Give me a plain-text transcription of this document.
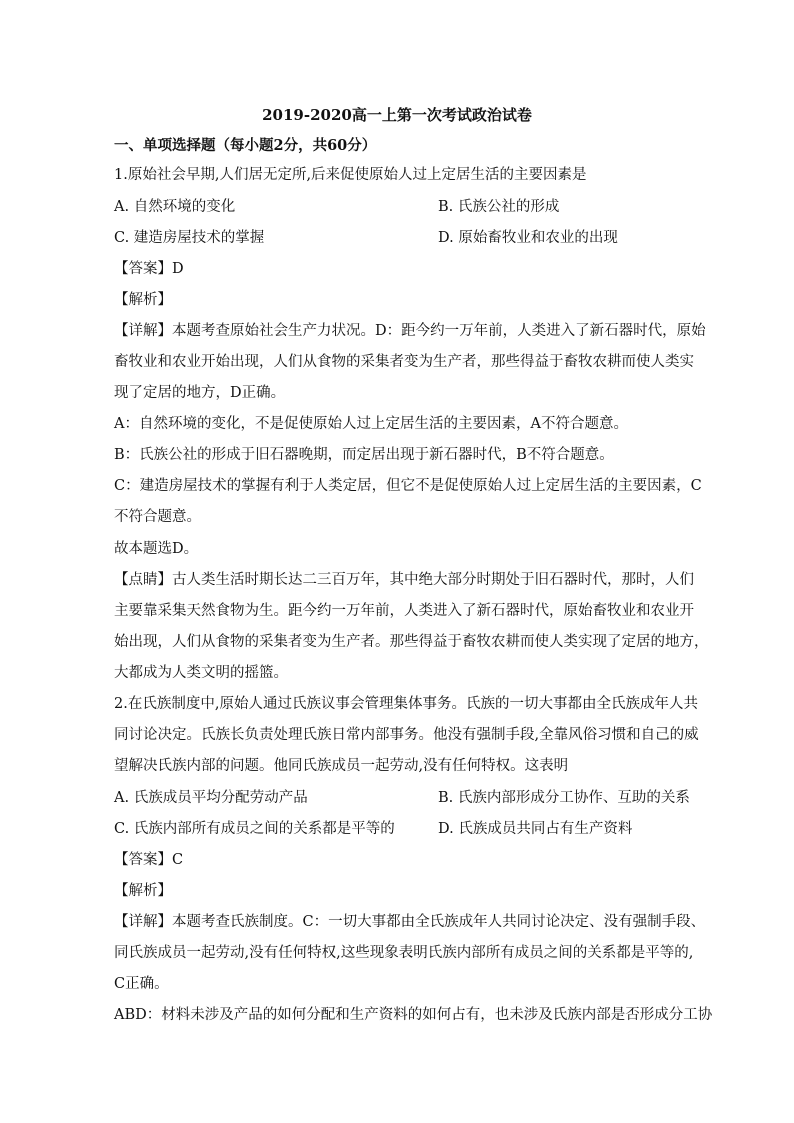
2019-2020高一上第一次考试政治试卷
一、单项选择题（每小题2分，共60分）
1.原始社会早期,人们居无定所,后来促使原始人过上定居生活的主要因素是
A. 自然环境的变化	B. 氏族公社的形成
C. 建造房屋技术的掌握	D. 原始畜牧业和农业的出现
【答案】D
【解析】
【详解】本题考查原始社会生产力状况。D：距今约一万年前，人类进入了新石器时代，原始
畜牧业和农业开始出现，人们从食物的采集者变为生产者，那些得益于畜牧农耕而使人类实
现了定居的地方，D正确。
A：自然环境的变化，不是促使原始人过上定居生活的主要因素，A不符合题意。
B：氏族公社的形成于旧石器晚期，而定居出现于新石器时代，B不符合题意。
C：建造房屋技术的掌握有利于人类定居，但它不是促使原始人过上定居生活的主要因素，C
不符合题意。
故本题选D。
【点睛】古人类生活时期长达二三百万年，其中绝大部分时期处于旧石器时代，那时，人们
主要靠采集天然食物为生。距今约一万年前，人类进入了新石器时代，原始畜牧业和农业开
始出现，人们从食物的采集者变为生产者。那些得益于畜牧农耕而使人类实现了定居的地方，
大都成为人类文明的摇篮。
2.在氏族制度中,原始人通过氏族议事会管理集体事务。氏族的一切大事都由全氏族成年人共
同讨论决定。氏族长负责处理氏族日常内部事务。他没有强制手段,全靠风俗习惯和自己的威
望解决氏族内部的问题。他同氏族成员一起劳动,没有任何特权。这表明
A. 氏族成员平均分配劳动产品	B. 氏族内部形成分工协作、互助的关系
C. 氏族内部所有成员之间的关系都是平等的	D. 氏族成员共同占有生产资料
【答案】C
【解析】
【详解】本题考查氏族制度。C：一切大事都由全氏族成年人共同讨论决定、没有强制手段、
同氏族成员一起劳动,没有任何特权,这些现象表明氏族内部所有成员之间的关系都是平等的,
C正确。
ABD：材料未涉及产品的如何分配和生产资料的如何占有，也未涉及氏族内部是否形成分工协
